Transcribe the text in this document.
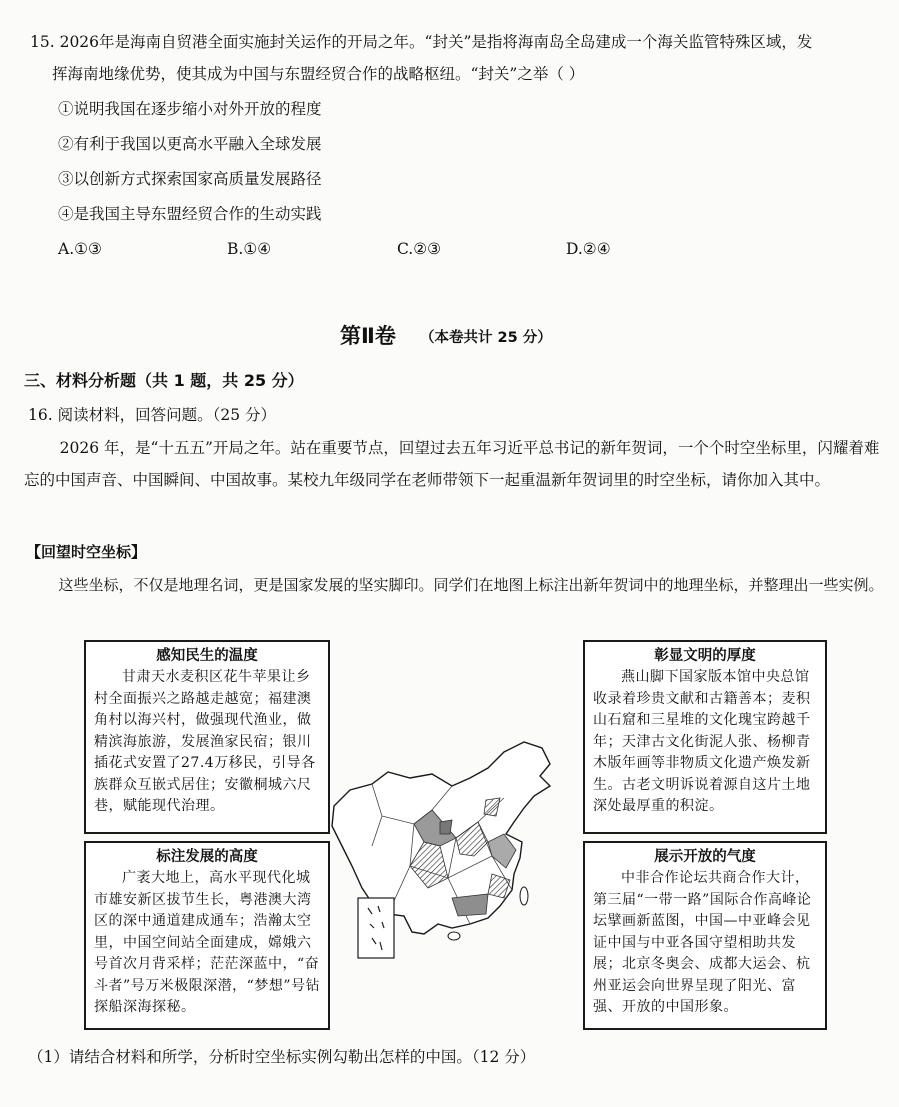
15. 2026年是海南自贸港全面实施封关运作的开局之年。“封关”是指将海南岛全岛建成一个海关监管特殊区域，发
挥海南地缘优势，使其成为中国与东盟经贸合作的战略枢纽。“封关”之举（ ）
①说明我国在逐步缩小对外开放的程度
②有利于我国以更高水平融入全球发展
③以创新方式探索国家高质量发展路径
④是我国主导东盟经贸合作的生动实践
A.①③	B.①④	C.②③	D.②④
第Ⅱ卷 （本卷共计 25 分）
三、材料分析题（共 1 题，共 25 分）
16. 阅读材料，回答问题。（25 分）
2026 年，是“十五五”开局之年。站在重要节点，回望过去五年习近平总书记的新年贺词，一个个时空坐标里，闪耀着难忘的中国声音、中国瞬间、中国故事。某校九年级同学在老师带领下一起重温新年贺词里的时空坐标，请你加入其中。
【回望时空坐标】
这些坐标，不仅是地理名词，更是国家发展的坚实脚印。同学们在地图上标注出新年贺词中的地理坐标，并整理出一些实例。
感知民生的温度
甘肃天水麦积区花牛苹果让乡村全面振兴之路越走越宽；福建澳角村以海兴村，做强现代渔业，做精滨海旅游，发展渔家民宿；银川插花式安置了27.4万移民，引导各族群众互嵌式居住；安徽桐城六尺巷，赋能现代治理。
彰显文明的厚度
燕山脚下国家版本馆中央总馆收录着珍贵文献和古籍善本；麦积山石窟和三星堆的文化瑰宝跨越千年；天津古文化街泥人张、杨柳青木版年画等非物质文化遗产焕发新生。古老文明诉说着源自这片土地深处最厚重的积淀。
标注发展的高度
广袤大地上，高水平现代化城市雄安新区拔节生长，粤港澳大湾区的深中通道建成通车；浩瀚太空里，中国空间站全面建成，嫦娥六号首次月背采样；茫茫深蓝中，“奋斗者”号万米极限深潜，“梦想”号钻探船深海探秘。
展示开放的气度
中非合作论坛共商合作大计，第三届“一带一路”国际合作高峰论坛擘画新蓝图，中国—中亚峰会见证中国与中亚各国守望相助共发展；北京冬奥会、成都大运会、杭州亚运会向世界呈现了阳光、富强、开放的中国形象。
（1）请结合材料和所学，分析时空坐标实例勾勒出怎样的中国。（12 分）
